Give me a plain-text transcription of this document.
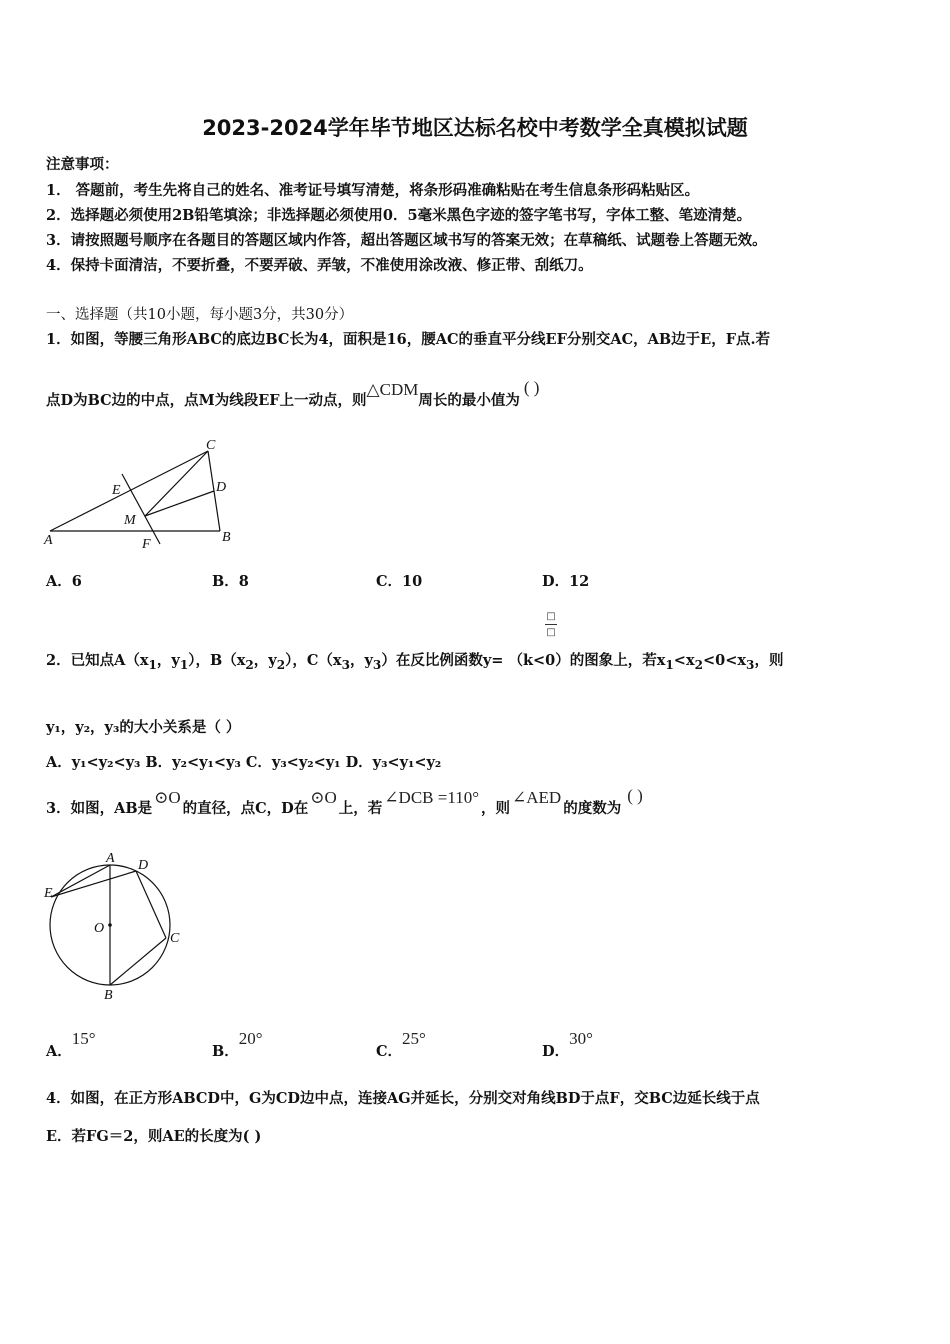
2023-2024学年毕节地区达标名校中考数学全真模拟试题
注意事项：
1． 答题前，考生先将自己的姓名、准考证号填写清楚，将条形码准确粘贴在考生信息条形码粘贴区。
2．选择题必须使用2B铅笔填涂；非选择题必须使用0．5毫米黑色字迹的签字笔书写，字体工整、笔迹清楚。
3．请按照题号顺序在各题目的答题区域内作答，超出答题区域书写的答案无效；在草稿纸、试题卷上答题无效。
4．保持卡面清洁，不要折叠，不要弄破、弄皱，不准使用涂改液、修正带、刮纸刀。
一、选择题（共10小题，每小题3分，共30分）
1．如图，等腰三角形ABC的底边BC长为4，面积是16，腰AC的垂直平分线EF分别交AC，AB边于E，F点.若
点D为BC边的中点，点M为线段EF上一动点，则△CDM周长的最小值为( )
A	B
C
D
E
F
M
A．6	B．8	C．10	D．12
□
□
2．已知点$A(x_1$，$y_1$），$B(x_2$，$y_2$），$C(x_3$，$y_3$）在反比例函数y= （k<0）的图象上，若$x_1<x_2<0<x_3$，则
y₁，y₂，y₃的大小关系是（ ）
A．y₁<y₂<y₃ B．y₂<y₁<y₃ C．y₃<y₂<y₁ D．y₃<y₁<y₂
3．如图，AB是⊙O的直径，点C，D在⊙O上，若∠DCB =110°，则∠AED的度数为( )
A
B
C
D
E
O
A．15°
B．20°
C．25°
D．30°
4．如图，在正方形ABCD中，G为CD边中点，连接AG并延长，分别交对角线BD于点F，交BC边延长线于点
E．若FG＝2，则AE的长度为( )
